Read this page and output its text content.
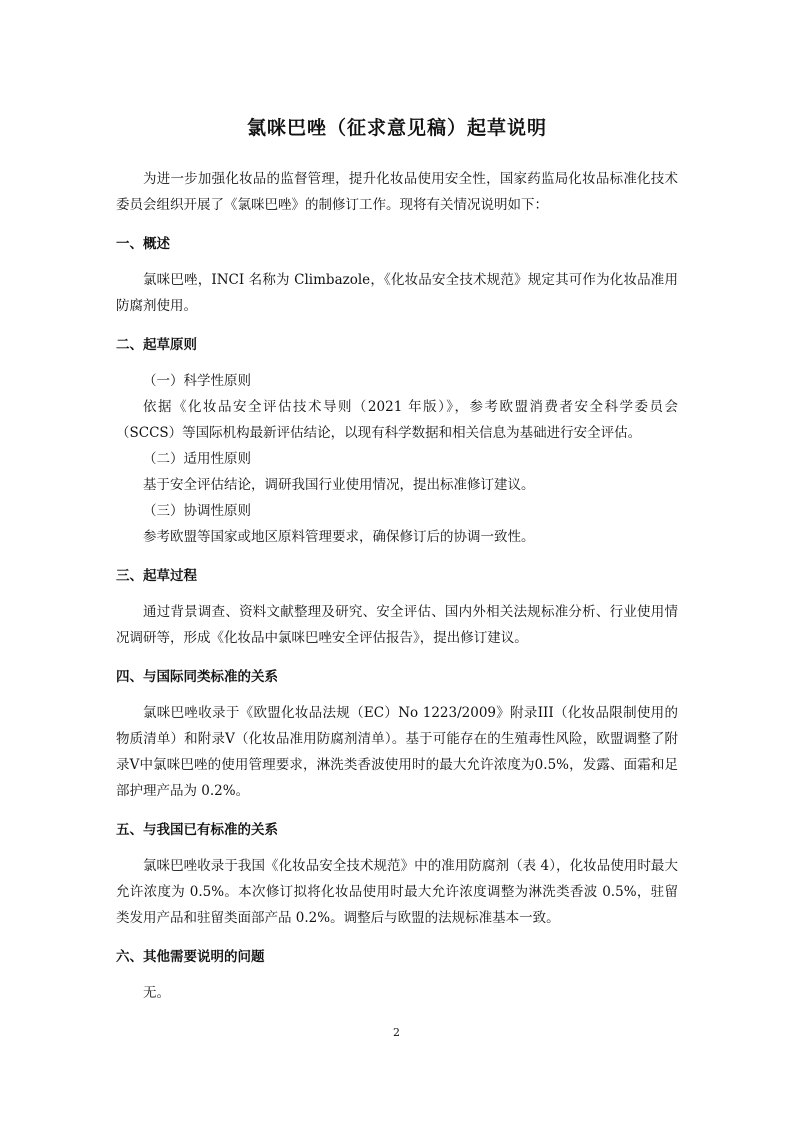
氯咪巴唑（征求意见稿）起草说明

为进一步加强化妆品的监督管理，提升化妆品使用安全性，国家药监局化妆品标准化技术委员会组织开展了《氯咪巴唑》的制修订工作。现将有关情况说明如下：

一、概述

氯咪巴唑，INCI 名称为 Climbazole，《化妆品安全技术规范》规定其可作为化妆品准用防腐剂使用。

二、起草原则

（一）科学性原则

依据《化妆品安全评估技术导则（2021 年版）》，参考欧盟消费者安全科学委员会（SCCS）等国际机构最新评估结论，以现有科学数据和相关信息为基础进行安全评估。

（二）适用性原则

基于安全评估结论，调研我国行业使用情况，提出标准修订建议。

（三）协调性原则

参考欧盟等国家或地区原料管理要求，确保修订后的协调一致性。

三、起草过程

通过背景调查、资料文献整理及研究、安全评估、国内外相关法规标准分析、行业使用情况调研等，形成《化妆品中氯咪巴唑安全评估报告》，提出修订建议。

四、与国际同类标准的关系

氯咪巴唑收录于《欧盟化妆品法规（EC）No 1223/2009》附录III（化妆品限制使用的物质清单）和附录V（化妆品准用防腐剂清单）。基于可能存在的生殖毒性风险，欧盟调整了附录V中氯咪巴唑的使用管理要求，淋洗类香波使用时的最大允许浓度为0.5%，发露、面霜和足部护理产品为 0.2%。

五、与我国已有标准的关系

氯咪巴唑收录于我国《化妆品安全技术规范》中的准用防腐剂（表 4），化妆品使用时最大允许浓度为 0.5%。本次修订拟将化妆品使用时最大允许浓度调整为淋洗类香波 0.5%，驻留类发用产品和驻留类面部产品 0.2%。调整后与欧盟的法规标准基本一致。

六、其他需要说明的问题

无。

2
